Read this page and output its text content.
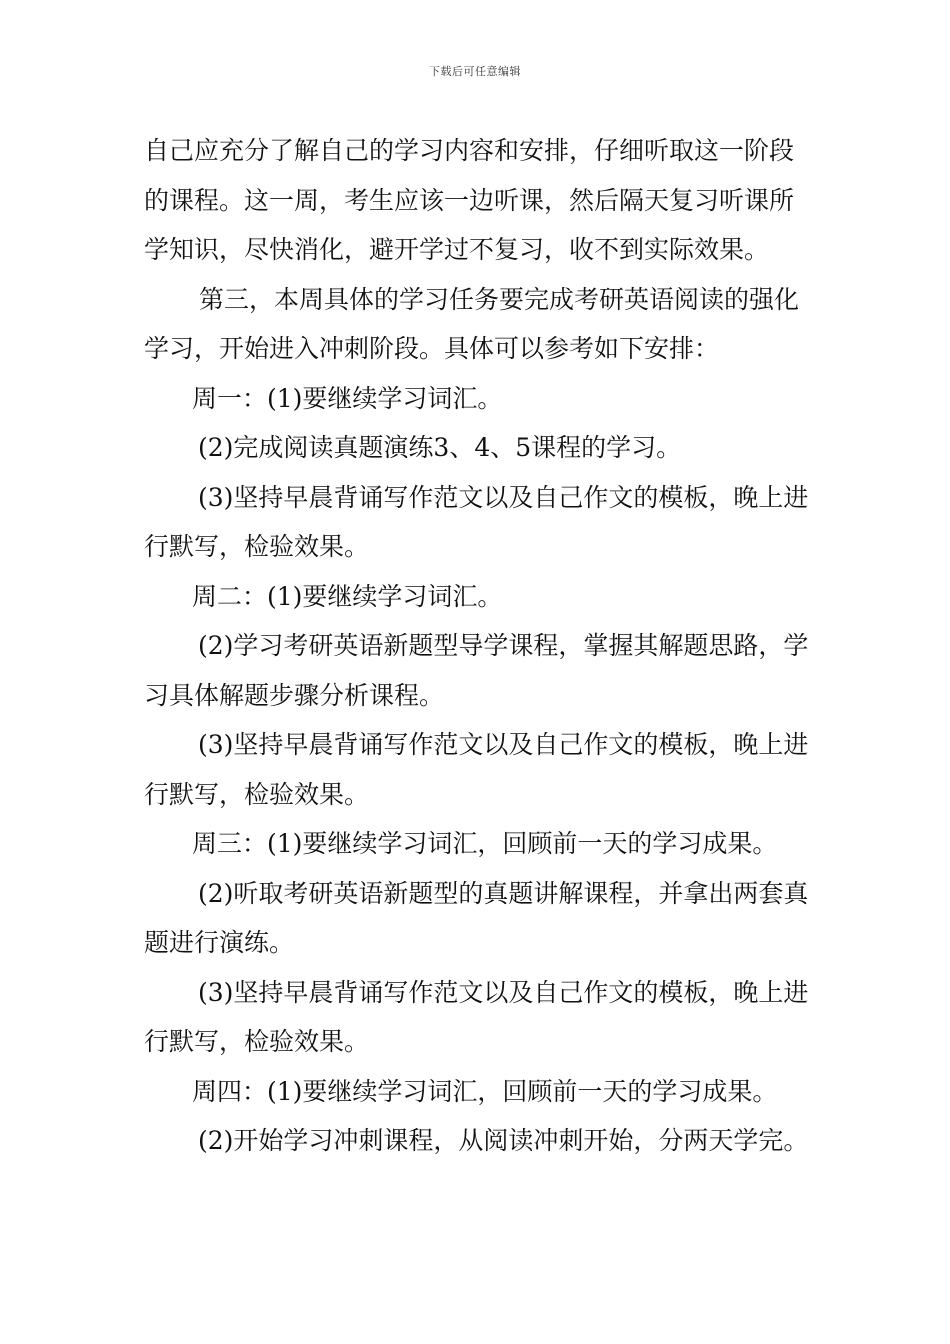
下载后可任意编辑

自己应充分了解自己的学习内容和安排，仔细听取这一阶段的课程。这一周，考生应该一边听课，然后隔天复习听课所学知识，尽快消化，避开学过不复习，收不到实际效果。

第三，本周具体的学习任务要完成考研英语阅读的强化学习，开始进入冲刺阶段。具体可以参考如下安排：

周一：(1)要继续学习词汇。

(2)完成阅读真题演练3、4、5课程的学习。

(3)坚持早晨背诵写作范文以及自己作文的模板，晚上进行默写，检验效果。

周二：(1)要继续学习词汇。

(2)学习考研英语新题型导学课程，掌握其解题思路，学习具体解题步骤分析课程。

(3)坚持早晨背诵写作范文以及自己作文的模板，晚上进行默写，检验效果。

周三：(1)要继续学习词汇，回顾前一天的学习成果。

(2)听取考研英语新题型的真题讲解课程，并拿出两套真题进行演练。

(3)坚持早晨背诵写作范文以及自己作文的模板，晚上进行默写，检验效果。

周四：(1)要继续学习词汇，回顾前一天的学习成果。

(2)开始学习冲刺课程，从阅读冲刺开始，分两天学完。
